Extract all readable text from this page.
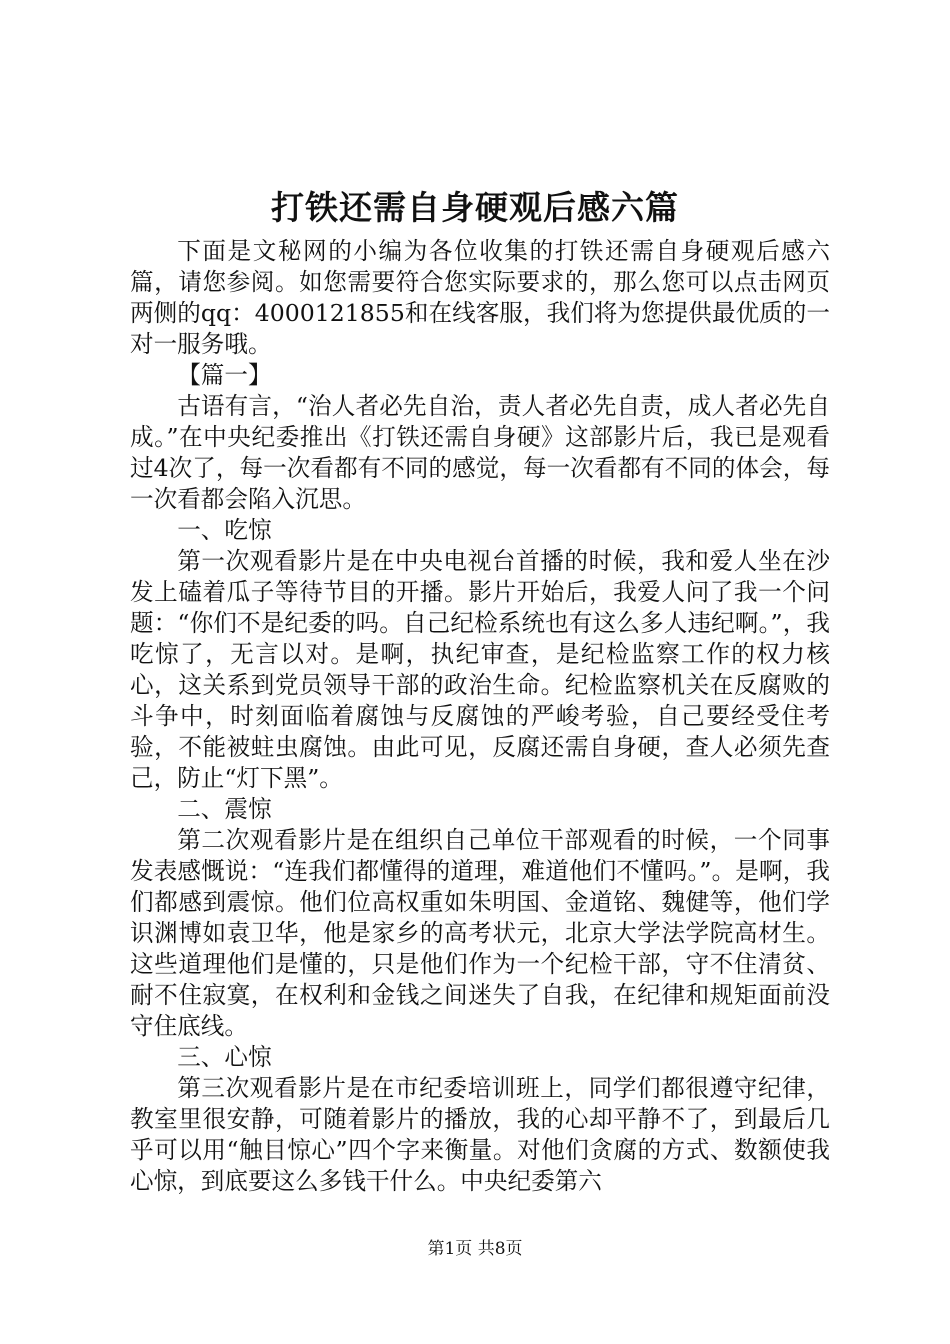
打铁还需自身硬观后感六篇

下面是文秘网的小编为各位收集的打铁还需自身硬观后感六篇，请您参阅。如您需要符合您实际要求的，那么您可以点击网页两侧的qq：4000121855和在线客服，我们将为您提供最优质的一对一服务哦。

【篇一】

古语有言，“治人者必先自治，责人者必先自责，成人者必先自成。”在中央纪委推出《打铁还需自身硬》这部影片后，我已是观看过4次了，每一次看都有不同的感觉，每一次看都有不同的体会，每一次看都会陷入沉思。

一、吃惊

第一次观看影片是在中央电视台首播的时候，我和爱人坐在沙发上磕着瓜子等待节目的开播。影片开始后，我爱人问了我一个问题：“你们不是纪委的吗。自己纪检系统也有这么多人违纪啊。”，我吃惊了，无言以对。是啊，执纪审查，是纪检监察工作的权力核心，这关系到党员领导干部的政治生命。纪检监察机关在反腐败的斗争中，时刻面临着腐蚀与反腐蚀的严峻考验，自己要经受住考验，不能被蛀虫腐蚀。由此可见，反腐还需自身硬，查人必须先查己，防止“灯下黑”。

二、震惊

第二次观看影片是在组织自己单位干部观看的时候，一个同事发表感慨说：“连我们都懂得的道理，难道他们不懂吗。”。是啊，我们都感到震惊。他们位高权重如朱明国、金道铭、魏健等，他们学识渊博如袁卫华，他是家乡的高考状元，北京大学法学院高材生。这些道理他们是懂的，只是他们作为一个纪检干部，守不住清贫、耐不住寂寞，在权利和金钱之间迷失了自我，在纪律和规矩面前没守住底线。

三、心惊

第三次观看影片是在市纪委培训班上，同学们都很遵守纪律，教室里很安静，可随着影片的播放，我的心却平静不了，到最后几乎可以用“触目惊心”四个字来衡量。对他们贪腐的方式、数额使我心惊，到底要这么多钱干什么。中央纪委第六

第1页 共8页
